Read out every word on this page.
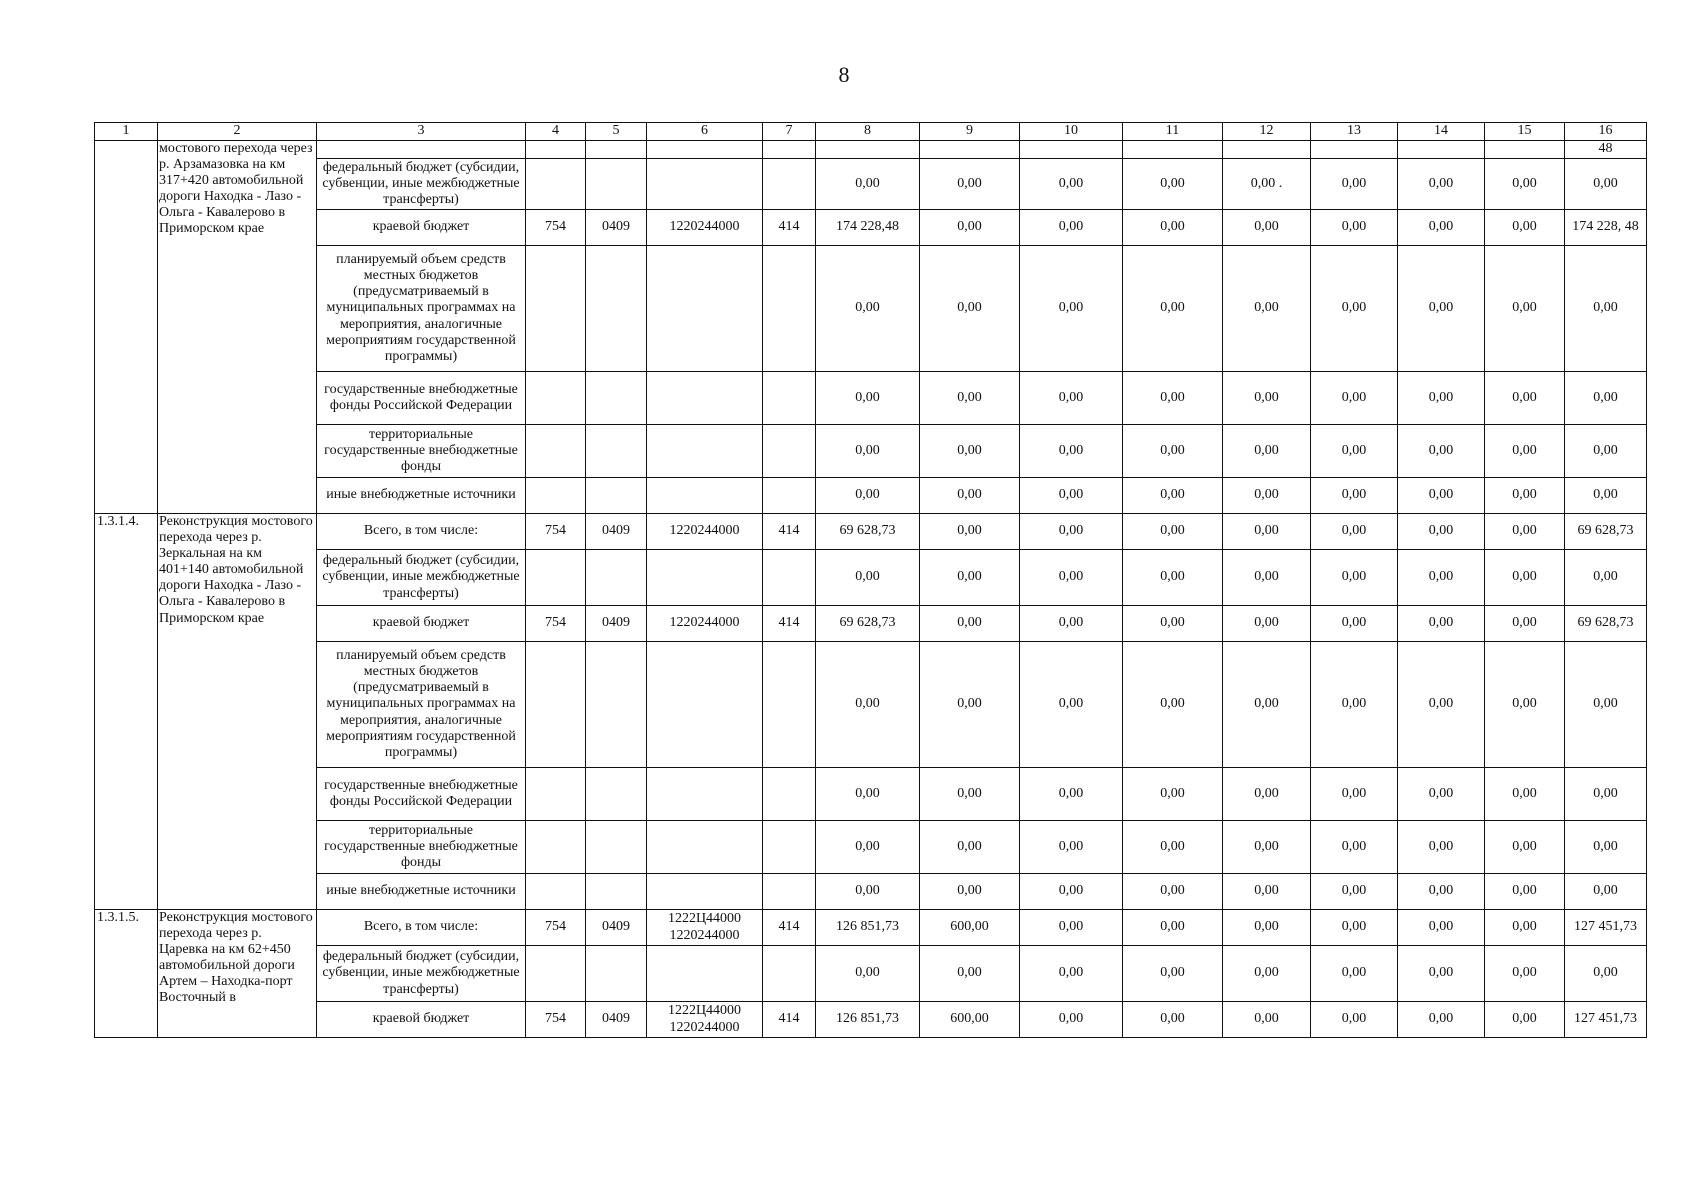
8
1	2	3	4	5	6	7	8	9	10	11	12	13	14	15	16
	мостового перехода через р. Арзамазовка на км 317+420 автомобильной дороги Находка - Лазо - Ольга - Кавалерово в Приморском крае														48
		федеральный бюджет (субсидии, субвенции, иные межбюджетные трансферты)					0,00	0,00	0,00	0,00	0,00 .	0,00	0,00	0,00	0,00
		краевой бюджет	754	0409	1220244000	414	174 228,48	0,00	0,00	0,00	0,00	0,00	0,00	0,00	174 228, 48
		планируемый объем средств местных бюджетов (предусматриваемый в муниципальных программах на мероприятия, аналогичные мероприятиям государственной программы)					0,00	0,00	0,00	0,00	0,00	0,00	0,00	0,00	0,00
		государственные внебюджетные фонды Российской Федерации					0,00	0,00	0,00	0,00	0,00	0,00	0,00	0,00	0,00
		территориальные государственные внебюджетные фонды					0,00	0,00	0,00	0,00	0,00	0,00	0,00	0,00	0,00
		иные внебюджетные источники					0,00	0,00	0,00	0,00	0,00	0,00	0,00	0,00	0,00
1.3.1.4.	Реконструкция мостового перехода через р. Зеркальная на км 401+140 автомобильной дороги Находка - Лазо - Ольга - Кавалерово в Приморском крае	Всего, в том числе:	754	0409	1220244000	414	69 628,73	0,00	0,00	0,00	0,00	0,00	0,00	0,00	69 628,73
		федеральный бюджет (субсидии, субвенции, иные межбюджетные трансферты)					0,00	0,00	0,00	0,00	0,00	0,00	0,00	0,00	0,00
		краевой бюджет	754	0409	1220244000	414	69 628,73	0,00	0,00	0,00	0,00	0,00	0,00	0,00	69 628,73
		планируемый объем средств местных бюджетов (предусматриваемый в муниципальных программах на мероприятия, аналогичные мероприятиям государственной программы)					0,00	0,00	0,00	0,00	0,00	0,00	0,00	0,00	0,00
		государственные внебюджетные фонды Российской Федерации					0,00	0,00	0,00	0,00	0,00	0,00	0,00	0,00	0,00
		территориальные государственные внебюджетные фонды					0,00	0,00	0,00	0,00	0,00	0,00	0,00	0,00	0,00
		иные внебюджетные источники					0,00	0,00	0,00	0,00	0,00	0,00	0,00	0,00	0,00
1.3.1.5.	Реконструкция мостового перехода через р. Царевка на км 62+450 автомобильной дороги Артем – Находка-порт Восточный в	Всего, в том числе:	754	0409	1222Ц44000 1220244000	414	126 851,73	600,00	0,00	0,00	0,00	0,00	0,00	0,00	127 451,73
		федеральный бюджет (субсидии, субвенции, иные межбюджетные трансферты)					0,00	0,00	0,00	0,00	0,00	0,00	0,00	0,00	0,00
		краевой бюджет	754	0409	1222Ц44000 1220244000	414	126 851,73	600,00	0,00	0,00	0,00	0,00	0,00	0,00	127 451,73
